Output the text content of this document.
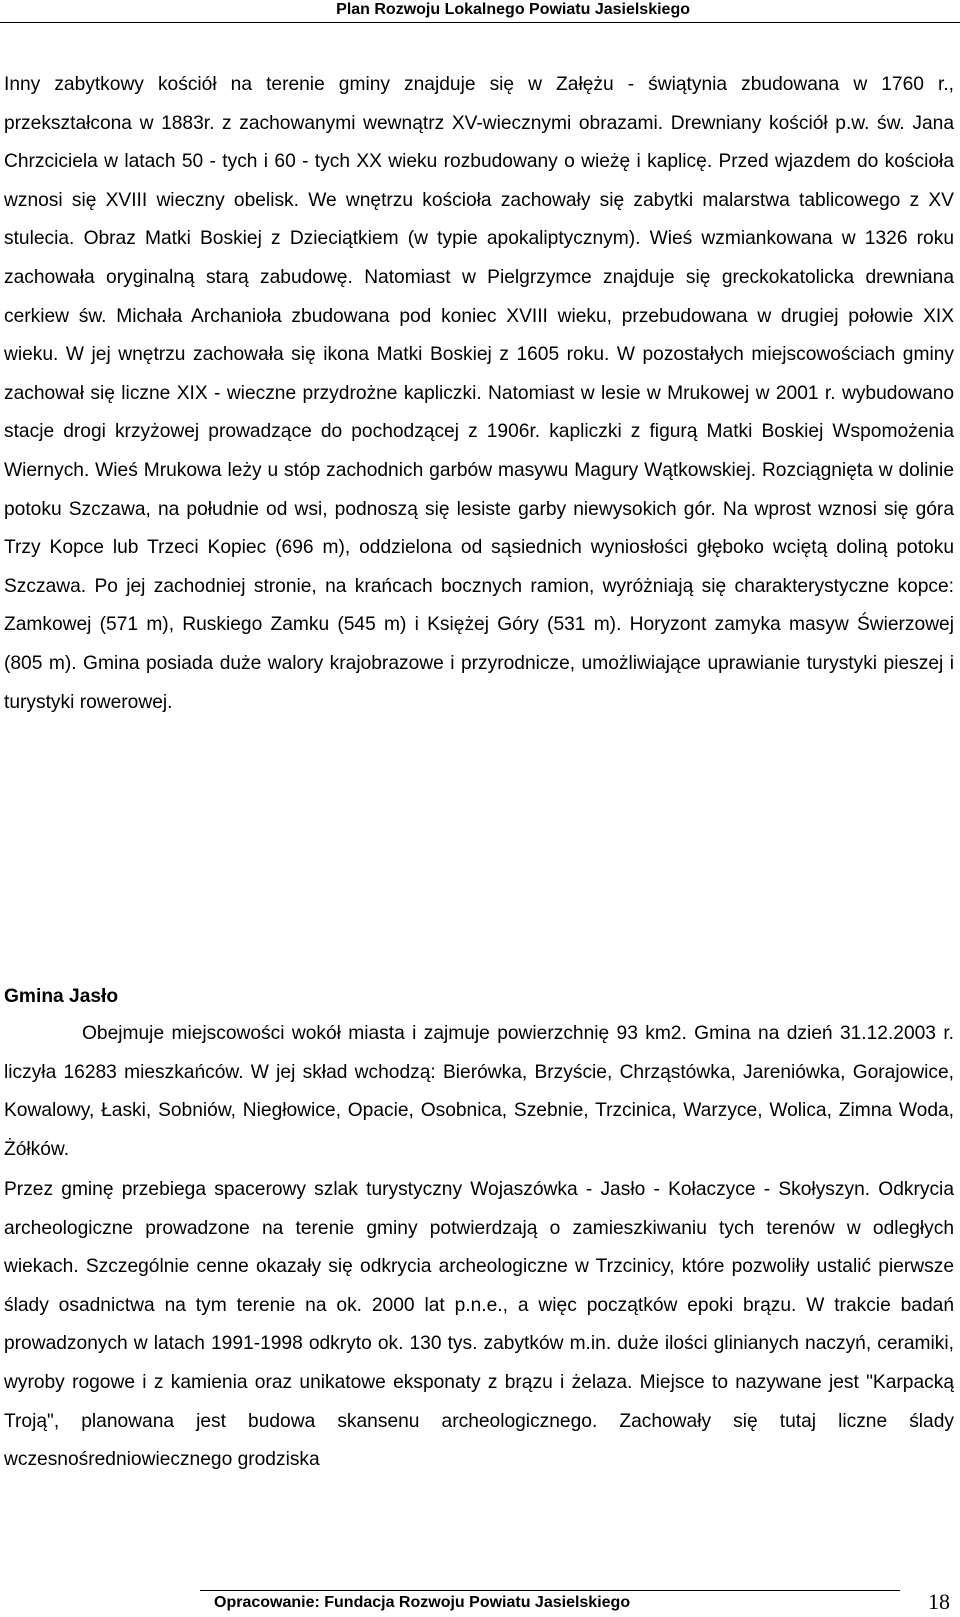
Plan Rozwoju Lokalnego Powiatu Jasielskiego

Inny zabytkowy kościół na terenie gminy znajduje się w Załężu - świątynia zbudowana w 1760 r., przekształcona w 1883r. z zachowanymi wewnątrz XV-wiecznymi obrazami. Drewniany kościół p.w. św. Jana Chrzciciela w latach 50 - tych i 60 - tych XX wieku rozbudowany o wieżę i kaplicę. Przed wjazdem do kościoła wznosi się XVIII wieczny obelisk. We wnętrzu kościoła zachowały się zabytki malarstwa tablicowego z XV stulecia. Obraz Matki Boskiej z Dzieciątkiem (w typie apokaliptycznym). Wieś wzmiankowana w 1326 roku zachowała oryginalną starą zabudowę. Natomiast w Pielgrzymce znajduje się greckokatolicka drewniana cerkiew św. Michała Archanioła zbudowana pod koniec XVIII wieku, przebudowana w drugiej połowie XIX wieku. W jej wnętrzu zachowała się ikona Matki Boskiej z 1605 roku. W pozostałych miejscowościach gminy zachował się liczne XIX - wieczne przydrożne kapliczki. Natomiast w lesie w Mrukowej w 2001 r. wybudowano stacje drogi krzyżowej prowadzące do pochodzącej z 1906r. kapliczki z figurą Matki Boskiej Wspomożenia Wiernych. Wieś Mrukowa leży u stóp zachodnich garbów masywu Magury Wątkowskiej. Rozciągnięta w dolinie potoku Szczawa, na południe od wsi, podnoszą się lesiste garby niewysokich gór. Na wprost wznosi się góra Trzy Kopce lub Trzeci Kopiec (696 m), oddzielona od sąsiednich wyniosłości głęboko wciętą doliną potoku Szczawa. Po jej zachodniej stronie, na krańcach bocznych ramion, wyróżniają się charakterystyczne kopce: Zamkowej (571 m), Ruskiego Zamku (545 m) i Księżej Góry (531 m). Horyzont zamyka masyw Świerzowej (805 m). Gmina posiada duże walory krajobrazowe i przyrodnicze, umożliwiające uprawianie turystyki pieszej i turystyki rowerowej.

Gmina Jasło

Obejmuje miejscowości wokół miasta i zajmuje powierzchnię 93 km2. Gmina na dzień 31.12.2003 r. liczyła 16283 mieszkańców. W jej skład wchodzą: Bierówka, Brzyście, Chrząstówka, Jareniówka, Gorajowice, Kowalowy, Łaski, Sobniów, Niegłowice, Opacie, Osobnica, Szebnie, Trzcinica, Warzyce, Wolica, Zimna Woda, Żółków.

Przez gminę przebiega spacerowy szlak turystyczny Wojaszówka - Jasło - Kołaczyce - Skołyszyn. Odkrycia archeologiczne prowadzone na terenie gminy potwierdzają o zamieszkiwaniu tych terenów w odległych wiekach. Szczególnie cenne okazały się odkrycia archeologiczne w Trzcinicy, które pozwoliły ustalić pierwsze ślady osadnictwa na tym terenie na ok. 2000 lat p.n.e., a więc początków epoki brązu. W trakcie badań prowadzonych w latach 1991-1998 odkryto ok. 130 tys. zabytków m.in. duże ilości glinianych naczyń, ceramiki, wyroby rogowe i z kamienia oraz unikatowe eksponaty z brązu i żelaza. Miejsce to nazywane jest "Karpacką Troją", planowana jest budowa skansenu archeologicznego. Zachowały się tutaj liczne ślady wczesnośredniowiecznego grodziska

Opracowanie: Fundacja Rozwoju Powiatu Jasielskiego	18
